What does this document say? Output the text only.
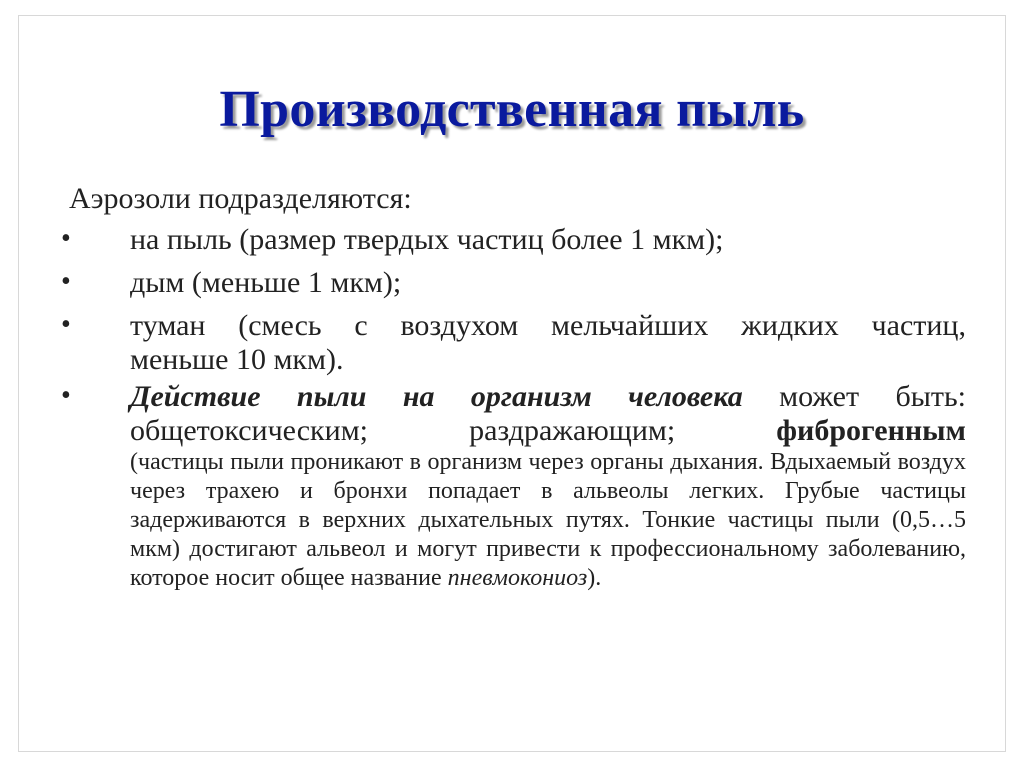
Производственная пыль
Аэрозоли подразделяются:
• на пыль (размер твердых частиц более 1 мкм);
• дым (меньше 1 мкм);
• туман (смесь с воздухом мельчайших жидких частиц,
меньше 10 мкм).
• Действие пыли на организм человека может быть:
общетоксическим; раздражающим;	фиброгенным
(частицы пыли проникают в организм через органы дыхания. Вдыхаемый воздух через трахею и бронхи попадает в альвеолы легких. Грубые частицы задерживаются в верхних дыхательных путях. Тонкие частицы пыли (0,5…5 мкм) достигают альвеол и могут привести к профессиональному заболеванию, которое носит общее название пневмокониоз).
